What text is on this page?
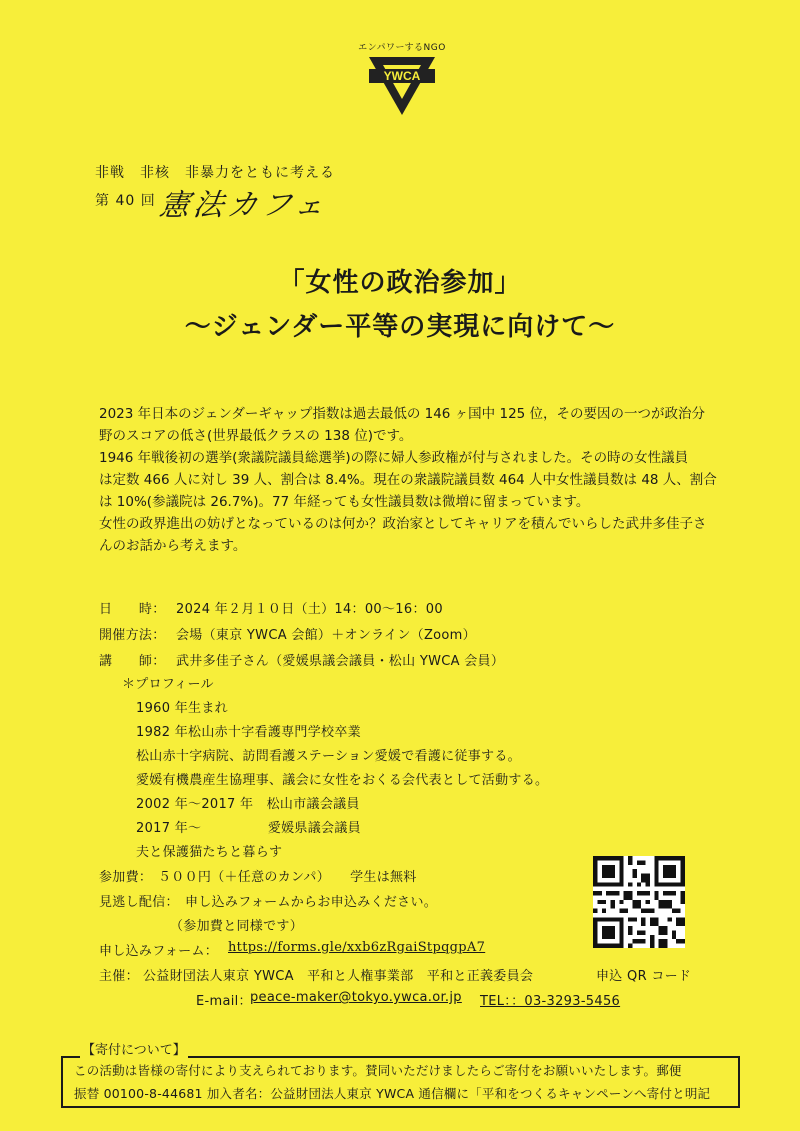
エンパワーするNGO
YWCA
非戦　非核　非暴力をともに考える
第 40 回 憲法カフェ
「女性の政治参加」
～ジェンダー平等の実現に向けて～

2023 年日本のジェンダーギャップ指数は過去最低の 146 ヶ国中 125 位，その要因の一つが政治分

野のスコアの低さ(世界最低クラスの 138 位)です。

1946 年戦後初の選挙(衆議院議員総選挙)の際に婦人参政権が付与されました。その時の女性議員

は定数 466 人に対し 39 人、割合は 8.4%。現在の衆議院議員数 464 人中女性議員数は 48 人、割合

は 10%(参議院は 26.7%)。77 年経っても女性議員数は微増に留まっています。

女性の政界進出の妨げとなっているのは何か？政治家としてキャリアを積んでいらした武井多佳子さ

んのお話から考えます。

日　　時： 2024 年２月１０日（土）14：00～16：00
開催方法： 会場（東京 YWCA 会館）＋オンライン（Zoom）
講　　師： 武井多佳子さん（愛媛県議会議員・松山 YWCA 会員）
＊プロフィール
1960 年生まれ
1982 年松山赤十字看護専門学校卒業
松山赤十字病院、訪問看護ステーション愛媛で看護に従事する。
愛媛有機農産生協理事、議会に女性をおくる会代表として活動する。
2002 年～2017 年　松山市議会議員
2017 年～　　　　　愛媛県議会議員
夫と保護猫たちと暮らす
参加費： ５００円（＋任意のカンパ）　　学生は無料
見逃し配信： 申し込みフォームからお申込みください。
（参加費と同様です）
申し込みフォーム： https://forms.gle/xxb6zRgaiStpqgpA7
主催： 公益財団法人東京 YWCA　平和と人権事業部　平和と正義委員会
E-mail：
peace-maker@tokyo.ywca.or.jp TEL：：03-3293-5456
申込 QR コード
【寄付について】
この活動は皆様の寄付により支えられております。賛同いただけましたらご寄付をお願いいたします。郵便
振替 00100-8-44681 加入者名：公益財団法人東京 YWCA 通信欄に「平和をつくるキャンペーンへ寄付と明記
